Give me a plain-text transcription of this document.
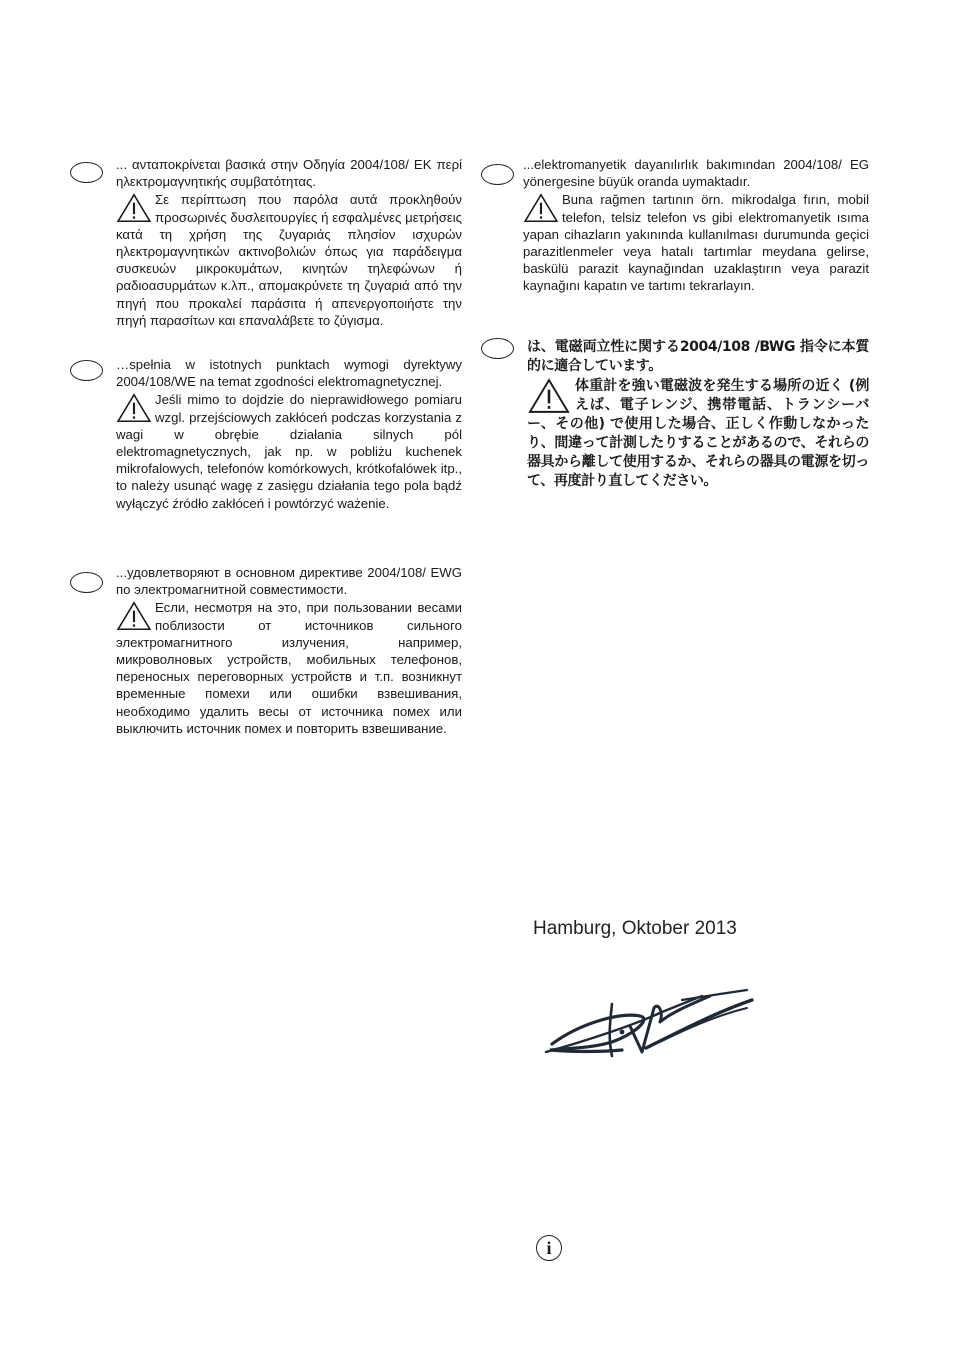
... ανταποκρίνεται βασικά στην Οδηγία 2004/108/ ΕΚ περί ηλεκτρομαγνητικής συμβατότητας.

Σε περίπτωση που παρόλα αυτά προκληθούν προσωρινές δυσλειτουργίες ή εσφαλμένες μετρήσεις κατά τη χρήση της ζυγαριάς πλησίον ισχυρών ηλεκτρομαγνητικών ακτινοβολιών όπως για παράδειγμα συσκευών μικροκυμάτων, κινητών τηλεφώνων ή ραδιοασυρμάτων κ.λπ., απομακρύνετε τη ζυγαριά από την πηγή που προκαλεί παράσιτα ή απενεργοποιήστε την πηγή παρασίτων και επαναλάβετε το ζύγισμα.

…spełnia w istotnych punktach wymogi dyrektywy 2004/108/WE na temat zgodności elektromagnetycznej.

Jeśli mimo to dojdzie do nieprawidłowego pomiaru wzgl. przejściowych zakłóceń podczas korzystania z wagi w obrębie działania silnych pól elektromagnetycznych, jak np. w pobliżu kuchenek mikrofalowych, telefonów komórkowych, krótkofalówek itp., to należy usunąć wagę z zasięgu działania tego pola bądź wyłączyć źródło zakłóceń i powtórzyć ważenie.

...удовлетворяют в основном директиве 2004/108/ EWG по электромагнитной совместимости.

Если, несмотря на это, при пользовании весами поблизости от источников сильного электромагнитного излучения, например, микроволновых устройств, мобильных телефонов, переносных переговорных устройств и т.п. возникнут временные помехи или ошибки взвешивания, необходимо удалить весы от источника помех или выключить источник помех и повторить взвешивание.

...elektromanyetik dayanılırlık bakımından 2004/108/ EG yönergesine büyük oranda uymaktadır.

Buna rağmen tartının örn. mikrodalga fırın, mobil telefon, telsiz telefon vs gibi elektromanyetik ısıma yapan cihazların yakınında kullanılması durumunda geçici parazitlenmeler veya hatalı tartımlar meydana gelirse, baskülü parazit kaynağından uzaklaştırın veya parazit kaynağını kapatın ve tartımı tekrarlayın.

は、電磁両立性に関する2004/108 /BWG 指令に本質 的に適合しています。

体重計を強い電磁波を発生する場所の近く (例えば、電子レンジ、携帯電話、トランシーバー、その他) で使用した場合、正しく作動しなかったり、間違って計測したりすることがあるので、それらの器具から離して使用するか、それらの器具の電源を切って、再度計り直してください。

Hamburg, Oktober 2013
i
